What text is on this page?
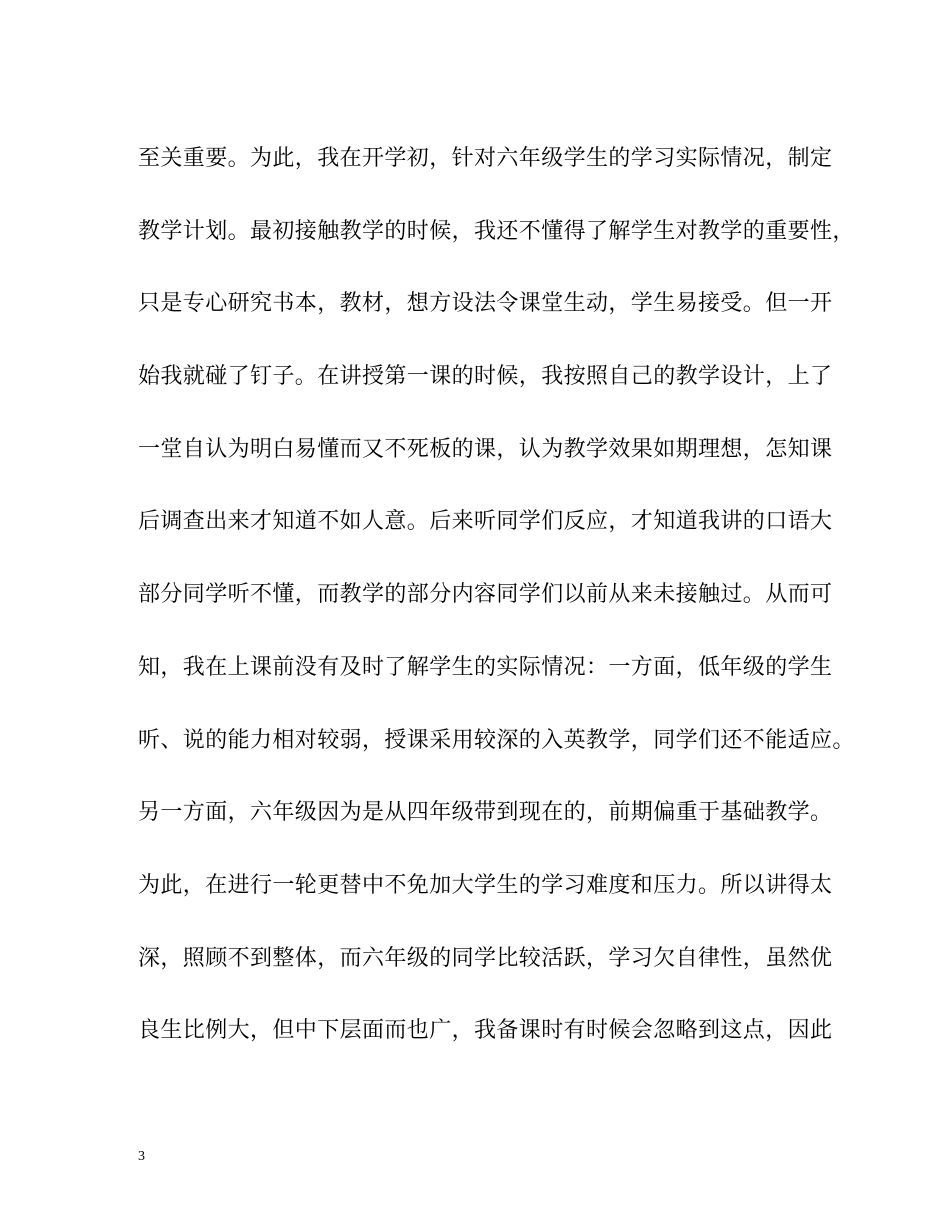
至关重要。为此，我在开学初，针对六年级学生的学习实际情况，制定
教学计划。最初接触教学的时候，我还不懂得了解学生对教学的重要性，
只是专心研究书本，教材，想方设法令课堂生动，学生易接受。但一开
始我就碰了钉子。在讲授第一课的时候，我按照自己的教学设计，上了
一堂自认为明白易懂而又不死板的课，认为教学效果如期理想，怎知课
后调查出来才知道不如人意。后来听同学们反应，才知道我讲的口语大
部分同学听不懂，而教学的部分内容同学们以前从来未接触过。从而可
知，我在上课前没有及时了解学生的实际情况：一方面，低年级的学生
听、说的能力相对较弱，授课采用较深的入英教学，同学们还不能适应。
另一方面，六年级因为是从四年级带到现在的，前期偏重于基础教学。
为此，在进行一轮更替中不免加大学生的学习难度和压力。所以讲得太
深，照顾不到整体，而六年级的同学比较活跃，学习欠自律性，虽然优
良生比例大，但中下层面而也广，我备课时有时候会忽略到这点，因此
3
